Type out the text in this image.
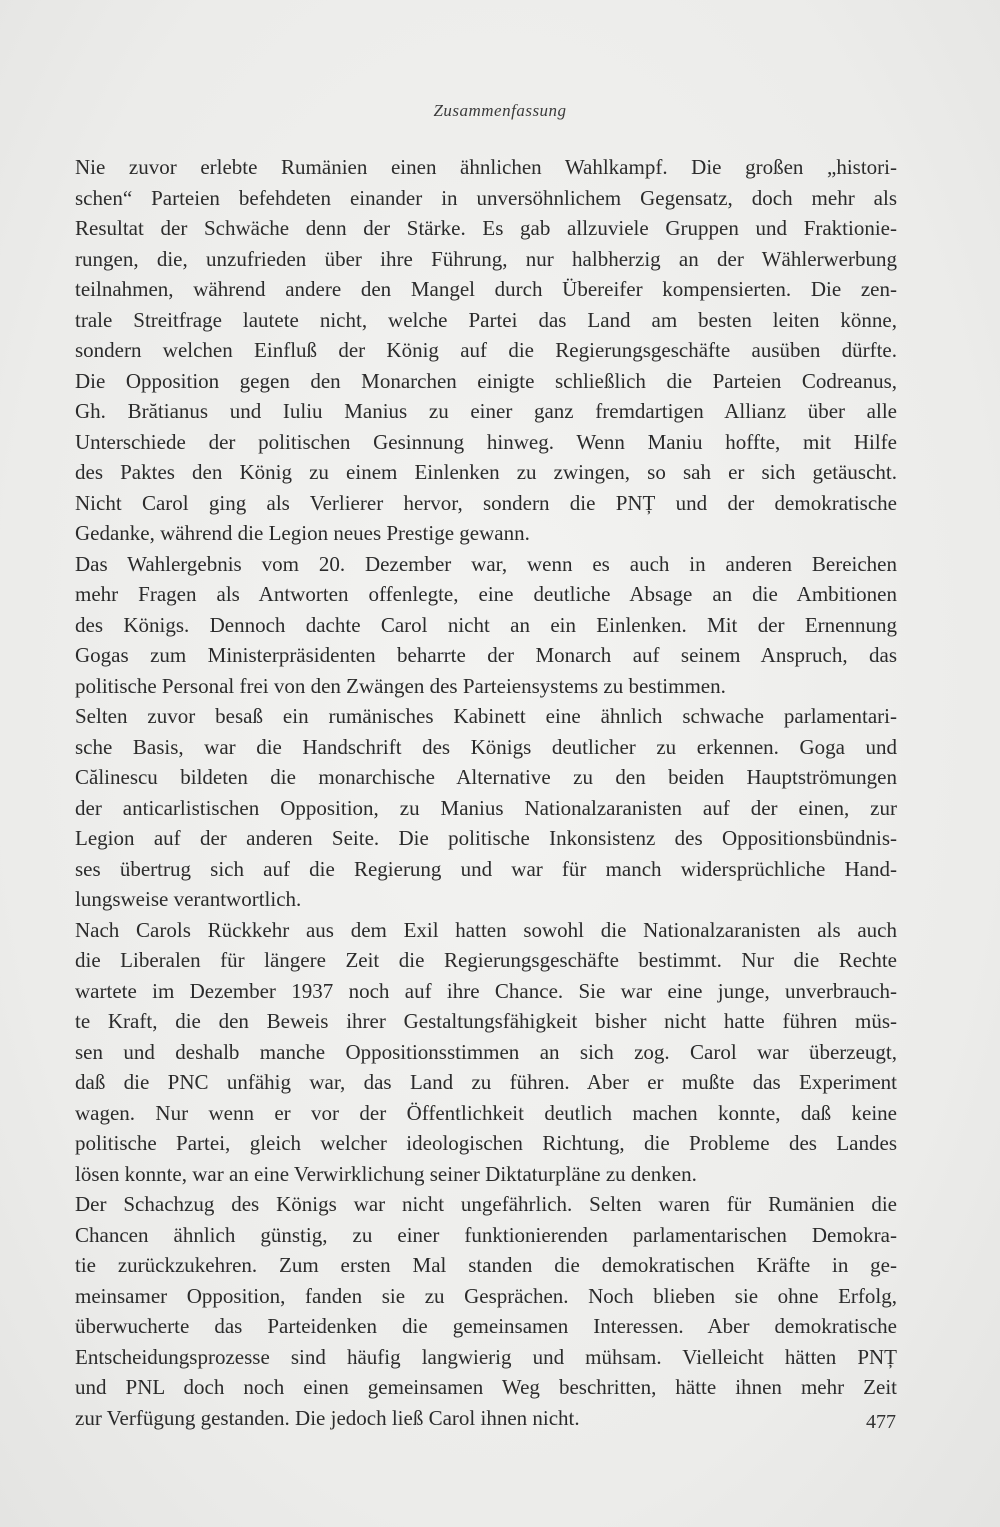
Zusammenfassung
Nie zuvor erlebte Rumänien einen ähnlichen Wahlkampf. Die großen „histori-
schen“ Parteien befehdeten einander in unversöhnlichem Gegensatz, doch mehr als
Resultat der Schwäche denn der Stärke. Es gab allzuviele Gruppen und Fraktionie-
rungen, die, unzufrieden über ihre Führung, nur halbherzig an der Wählerwerbung
teilnahmen, während andere den Mangel durch Übereifer kompensierten. Die zen-
trale Streitfrage lautete nicht, welche Partei das Land am besten leiten könne,
sondern welchen Einfluß der König auf die Regierungsgeschäfte ausüben dürfte.
Die Opposition gegen den Monarchen einigte schließlich die Parteien Codreanus,
Gh. Brătianus und Iuliu Manius zu einer ganz fremdartigen Allianz über alle
Unterschiede der politischen Gesinnung hinweg. Wenn Maniu hoffte, mit Hilfe
des Paktes den König zu einem Einlenken zu zwingen, so sah er sich getäuscht.
Nicht Carol ging als Verlierer hervor, sondern die PNȚ und der demokratische
Gedanke, während die Legion neues Prestige gewann.
Das Wahlergebnis vom 20. Dezember war, wenn es auch in anderen Bereichen
mehr Fragen als Antworten offenlegte, eine deutliche Absage an die Ambitionen
des Königs. Dennoch dachte Carol nicht an ein Einlenken. Mit der Ernennung
Gogas zum Ministerpräsidenten beharrte der Monarch auf seinem Anspruch, das
politische Personal frei von den Zwängen des Parteiensystems zu bestimmen.
Selten zuvor besaß ein rumänisches Kabinett eine ähnlich schwache parlamentari-
sche Basis, war die Handschrift des Königs deutlicher zu erkennen. Goga und
Călinescu bildeten die monarchische Alternative zu den beiden Hauptströmungen
der anticarlistischen Opposition, zu Manius Nationalzaranisten auf der einen, zur
Legion auf der anderen Seite. Die politische Inkonsistenz des Oppositionsbündnis-
ses übertrug sich auf die Regierung und war für manch widersprüchliche Hand-
lungsweise verantwortlich.
Nach Carols Rückkehr aus dem Exil hatten sowohl die Nationalzaranisten als auch
die Liberalen für längere Zeit die Regierungsgeschäfte bestimmt. Nur die Rechte
wartete im Dezember 1937 noch auf ihre Chance. Sie war eine junge, unverbrauch-
te Kraft, die den Beweis ihrer Gestaltungsfähigkeit bisher nicht hatte führen müs-
sen und deshalb manche Oppositionsstimmen an sich zog. Carol war überzeugt,
daß die PNC unfähig war, das Land zu führen. Aber er mußte das Experiment
wagen. Nur wenn er vor der Öffentlichkeit deutlich machen konnte, daß keine
politische Partei, gleich welcher ideologischen Richtung, die Probleme des Landes
lösen konnte, war an eine Verwirklichung seiner Diktaturpläne zu denken.
Der Schachzug des Königs war nicht ungefährlich. Selten waren für Rumänien die
Chancen ähnlich günstig, zu einer funktionierenden parlamentarischen Demokra-
tie zurückzukehren. Zum ersten Mal standen die demokratischen Kräfte in ge-
meinsamer Opposition, fanden sie zu Gesprächen. Noch blieben sie ohne Erfolg,
überwucherte das Parteidenken die gemeinsamen Interessen. Aber demokratische
Entscheidungsprozesse sind häufig langwierig und mühsam. Vielleicht hätten PNȚ
und PNL doch noch einen gemeinsamen Weg beschritten, hätte ihnen mehr Zeit
zur Verfügung gestanden. Die jedoch ließ Carol ihnen nicht.	477
